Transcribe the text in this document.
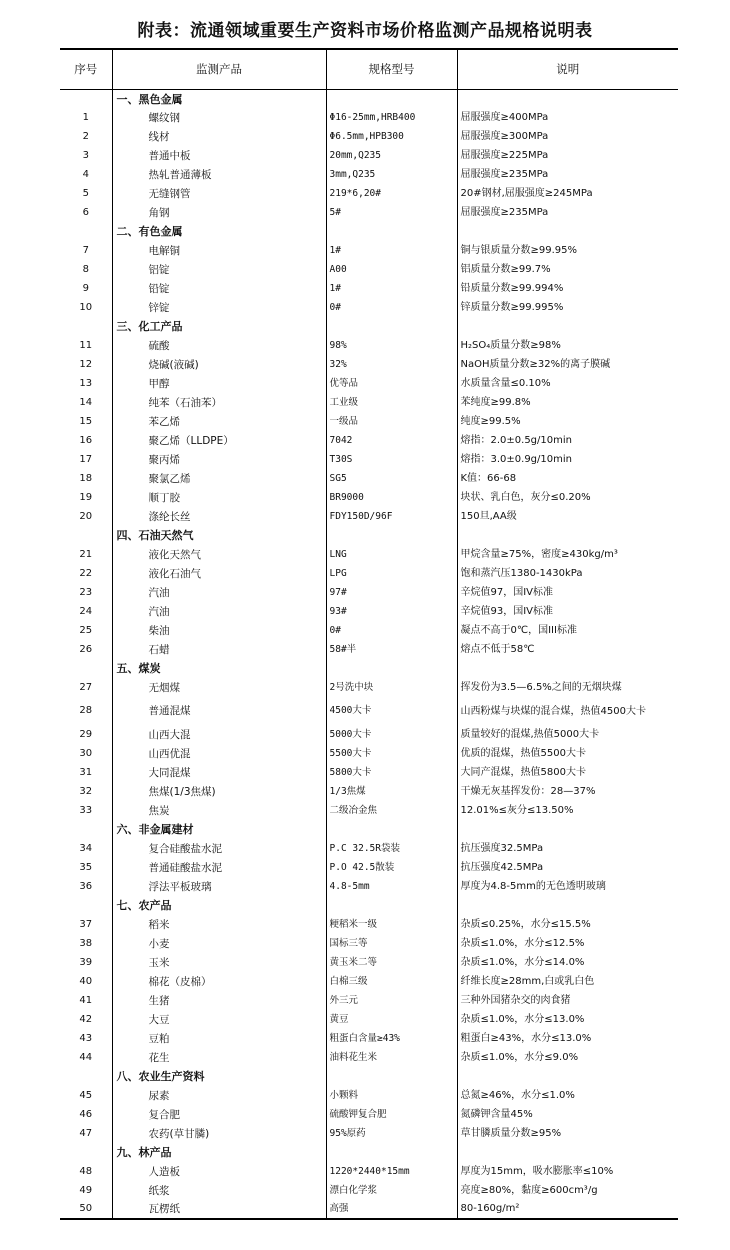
附表：流通领域重要生产资料市场价格监测产品规格说明表
序号	监测产品	规格型号	说明
	一、黑色金属		
1	螺纹钢	Φ16-25mm,HRB400	屈服强度≥400MPa
2	线材	Φ6.5mm,HPB300	屈服强度≥300MPa
3	普通中板	20mm,Q235	屈服强度≥225MPa
4	热轧普通薄板	3mm,Q235	屈服强度≥235MPa
5	无缝钢管	219*6,20#	20#钢材,屈服强度≥245MPa
6	角钢	5#	屈服强度≥235MPa
	二、有色金属		
7	电解铜	1#	铜与银质量分数≥99.95%
8	铝锭	A00	铝质量分数≥99.7%
9	铅锭	1#	铅质量分数≥99.994%
10	锌锭	0#	锌质量分数≥99.995%
	三、化工产品		
11	硫酸	98%	H₂SO₄质量分数≥98%
12	烧碱(液碱)	32%	NaOH质量分数≥32%的离子膜碱
13	甲醇	优等品	水质量含量≤0.10%
14	纯苯（石油苯）	工业级	苯纯度≥99.8%
15	苯乙烯	一级品	纯度≥99.5%
16	聚乙烯（LLDPE）	7042	熔指：2.0±0.5g/10min
17	聚丙烯	T30S	熔指：3.0±0.9g/10min
18	聚氯乙烯	SG5	K值：66-68
19	顺丁胶	BR9000	块状、乳白色，灰分≤0.20%
20	涤纶长丝	FDY150D/96F	150旦,AA级
	四、石油天然气		
21	液化天然气	LNG	甲烷含量≥75%，密度≥430kg/m³
22	液化石油气	LPG	饱和蒸汽压1380-1430kPa
23	汽油	97#	辛烷值97，国IV标准
24	汽油	93#	辛烷值93，国IV标准
25	柴油	0#	凝点不高于0℃，国III标准
26	石蜡	58#半	熔点不低于58℃
	五、煤炭		
27	无烟煤	2号洗中块	挥发份为3.5—6.5%之间的无烟块煤
28	普通混煤	4500大卡	山西粉煤与块煤的混合煤，热值4500大卡
29	山西大混	5000大卡	质量较好的混煤,热值5000大卡
30	山西优混	5500大卡	优质的混煤，热值5500大卡
31	大同混煤	5800大卡	大同产混煤，热值5800大卡
32	焦煤(1/3焦煤)	1/3焦煤	干燥无灰基挥发份：28—37%
33	焦炭	二级冶金焦	12.01%≤灰分≤13.50%
	六、非金属建材		
34	复合硅酸盐水泥	P.C 32.5R袋装	抗压强度32.5MPa
35	普通硅酸盐水泥	P.O 42.5散装	抗压强度42.5MPa
36	浮法平板玻璃	4.8-5mm	厚度为4.8-5mm的无色透明玻璃
	七、农产品		
37	稻米	粳稻米一级	杂质≤0.25%，水分≤15.5%
38	小麦	国标三等	杂质≤1.0%，水分≤12.5%
39	玉米	黄玉米二等	杂质≤1.0%，水分≤14.0%
40	棉花（皮棉）	白棉三级	纤维长度≥28mm,白或乳白色
41	生猪	外三元	三种外国猪杂交的肉食猪
42	大豆	黄豆	杂质≤1.0%，水分≤13.0%
43	豆粕	粗蛋白含量≥43%	粗蛋白≥43%，水分≤13.0%
44	花生	油料花生米	杂质≤1.0%，水分≤9.0%
	八、农业生产资料		
45	尿素	小颗料	总氮≥46%，水分≤1.0%
46	复合肥	硫酸钾复合肥	氮磷钾含量45%
47	农药(草甘膦)	95%原药	草甘膦质量分数≥95%
	九、林产品		
48	人造板	1220*2440*15mm	厚度为15mm，吸水膨胀率≤10%
49	纸浆	漂白化学浆	亮度≥80%，黏度≥600cm³/g
50	瓦楞纸	高强	80-160g/m²
